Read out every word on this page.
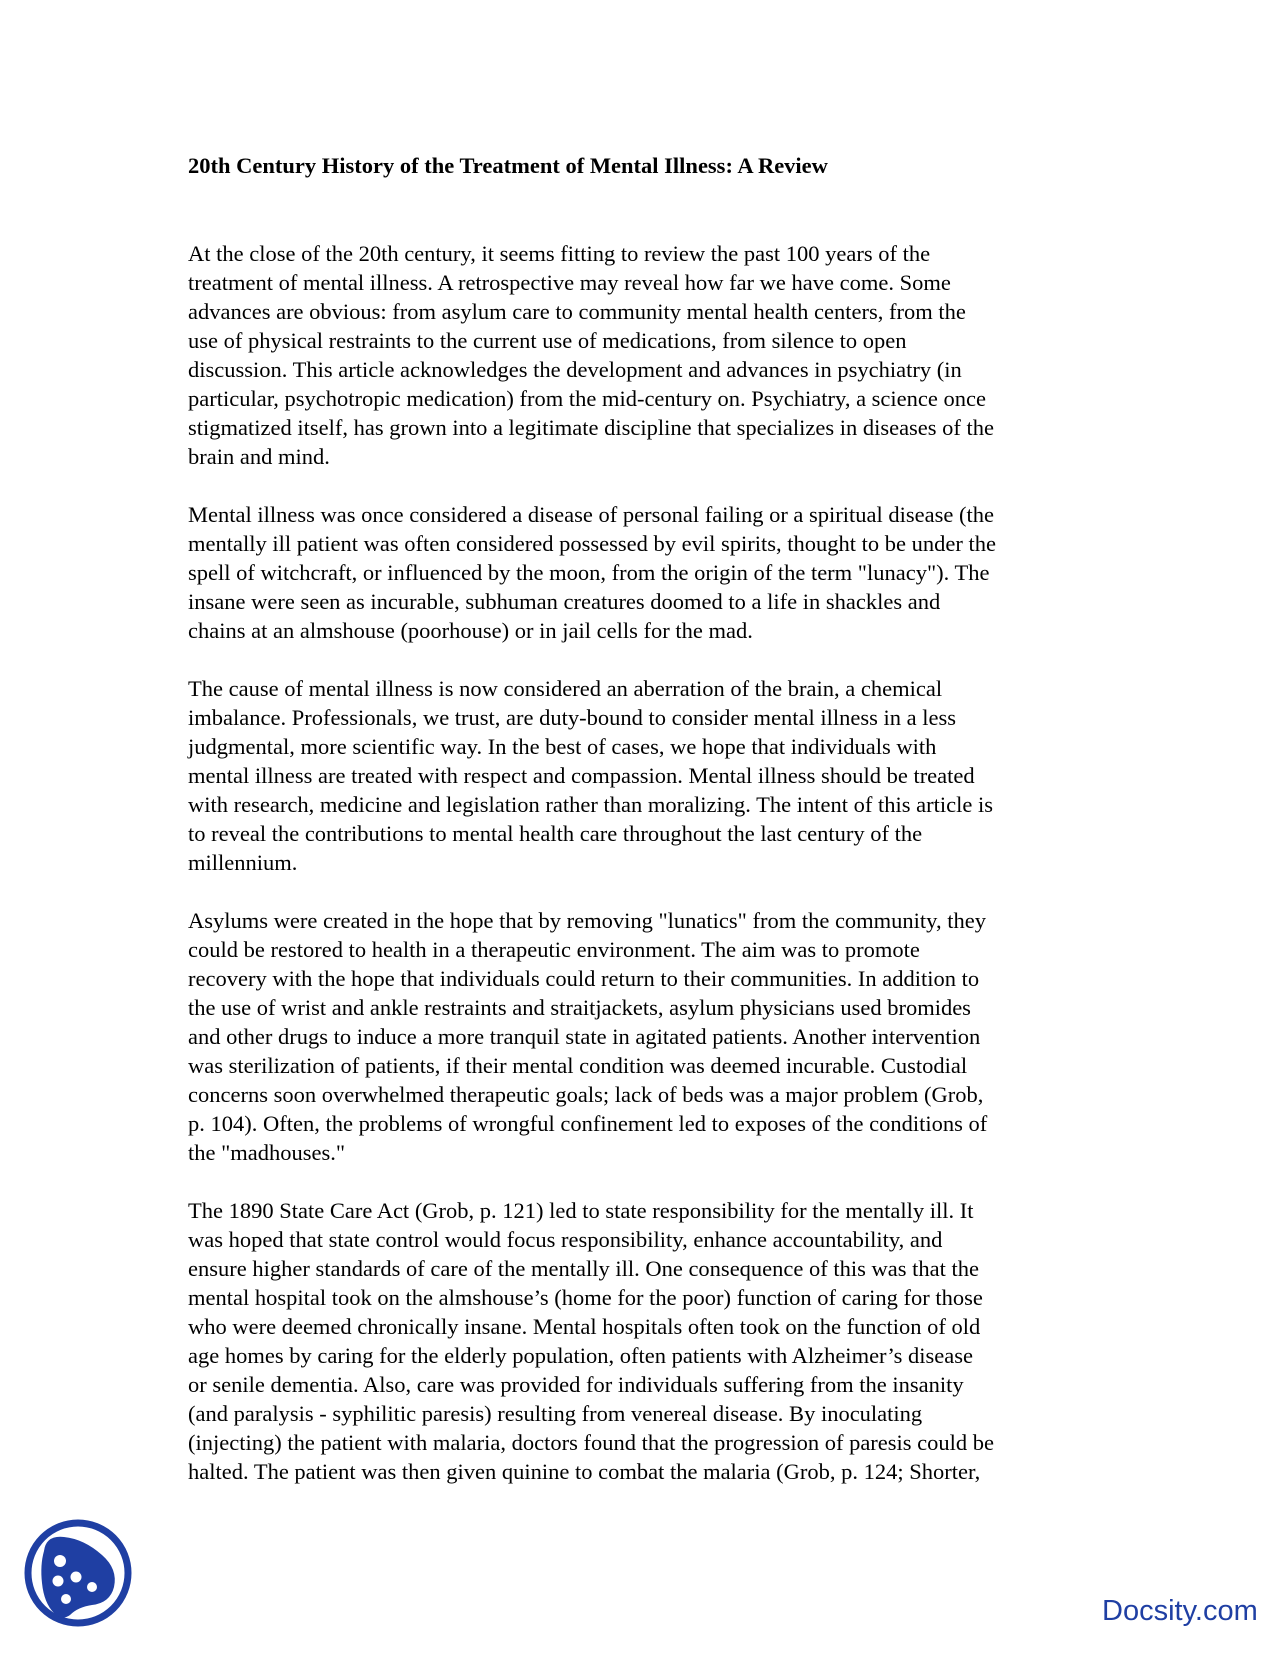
20th Century History of the Treatment of Mental Illness: A Review
At the close of the 20th century, it seems fitting to review the past 100 years of the
treatment of mental illness. A retrospective may reveal how far we have come. Some
advances are obvious: from asylum care to community mental health centers, from the
use of physical restraints to the current use of medications, from silence to open
discussion. This article acknowledges the development and advances in psychiatry (in
particular, psychotropic medication) from the mid-century on. Psychiatry, a science once
stigmatized itself, has grown into a legitimate discipline that specializes in diseases of the
brain and mind.
Mental illness was once considered a disease of personal failing or a spiritual disease (the
mentally ill patient was often considered possessed by evil spirits, thought to be under the
spell of witchcraft, or influenced by the moon, from the origin of the term "lunacy"). The
insane were seen as incurable, subhuman creatures doomed to a life in shackles and
chains at an almshouse (poorhouse) or in jail cells for the mad.
The cause of mental illness is now considered an aberration of the brain, a chemical
imbalance. Professionals, we trust, are duty-bound to consider mental illness in a less
judgmental, more scientific way. In the best of cases, we hope that individuals with
mental illness are treated with respect and compassion. Mental illness should be treated
with research, medicine and legislation rather than moralizing. The intent of this article is
to reveal the contributions to mental health care throughout the last century of the
millennium.
Asylums were created in the hope that by removing "lunatics" from the community, they
could be restored to health in a therapeutic environment. The aim was to promote
recovery with the hope that individuals could return to their communities. In addition to
the use of wrist and ankle restraints and straitjackets, asylum physicians used bromides
and other drugs to induce a more tranquil state in agitated patients. Another intervention
was sterilization of patients, if their mental condition was deemed incurable. Custodial
concerns soon overwhelmed therapeutic goals; lack of beds was a major problem (Grob,
p. 104). Often, the problems of wrongful confinement led to exposes of the conditions of
the "madhouses."
The 1890 State Care Act (Grob, p. 121) led to state responsibility for the mentally ill. It
was hoped that state control would focus responsibility, enhance accountability, and
ensure higher standards of care of the mentally ill. One consequence of this was that the
mental hospital took on the almshouse’s (home for the poor) function of caring for those
who were deemed chronically insane. Mental hospitals often took on the function of old
age homes by caring for the elderly population, often patients with Alzheimer’s disease
or senile dementia. Also, care was provided for individuals suffering from the insanity
(and paralysis - syphilitic paresis) resulting from venereal disease. By inoculating
(injecting) the patient with malaria, doctors found that the progression of paresis could be
halted. The patient was then given quinine to combat the malaria (Grob, p. 124; Shorter,
Docsity.com
